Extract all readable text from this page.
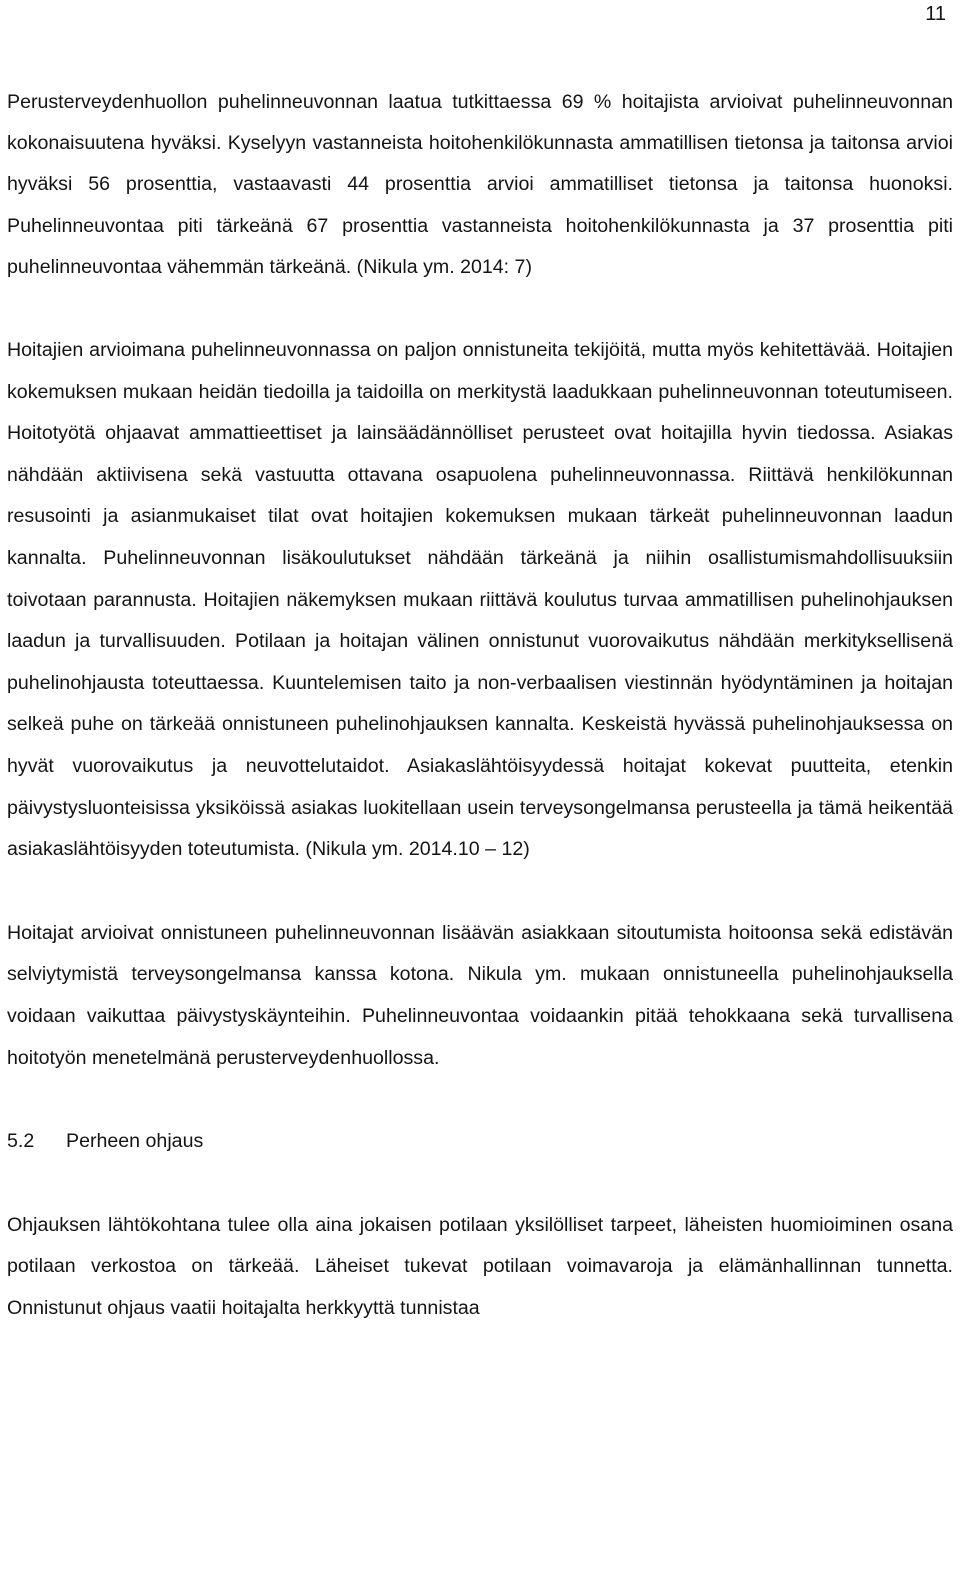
11

Perusterveydenhuollon puhelinneuvonnan laatua tutkittaessa 69 % hoitajista arvioivat puhelinneuvonnan kokonaisuutena hyväksi. Kyselyyn vastanneista hoitohenkilökunnasta ammatillisen tietonsa ja taitonsa arvioi hyväksi 56 prosenttia, vastaavasti 44 prosenttia arvioi ammatilliset tietonsa ja taitonsa huonoksi. Puhelinneuvontaa piti tärkeänä 67 prosenttia vastanneista hoitohenkilökunnasta ja 37 prosenttia piti puhelinneuvontaa vähemmän tärkeänä. (Nikula ym. 2014: 7)

Hoitajien arvioimana puhelinneuvonnassa on paljon onnistuneita tekijöitä, mutta myös kehitettävää. Hoitajien kokemuksen mukaan heidän tiedoilla ja taidoilla on merkitystä laadukkaan puhelinneuvonnan toteutumiseen. Hoitotyötä ohjaavat ammattieettiset ja lainsäädännölliset perusteet ovat hoitajilla hyvin tiedossa. Asiakas nähdään aktiivisena sekä vastuutta ottavana osapuolena puhelinneuvonnassa. Riittävä henkilökunnan resusointi ja asianmukaiset tilat ovat hoitajien kokemuksen mukaan tärkeät puhelinneuvonnan laadun kannalta. Puhelinneuvonnan lisäkoulutukset nähdään tärkeänä ja niihin osallistumismahdollisuuksiin toivotaan parannusta. Hoitajien näkemyksen mukaan riittävä koulutus turvaa ammatillisen puhelinohjauksen laadun ja turvallisuuden. Potilaan ja hoitajan välinen onnistunut vuorovaikutus nähdään merkityksellisenä puhelinohjausta toteuttaessa. Kuuntelemisen taito ja non-verbaalisen viestinnän hyödyntäminen ja hoitajan selkeä puhe on tärkeää onnistuneen puhelinohjauksen kannalta. Keskeistä hyvässä puhelinohjauksessa on hyvät vuorovaikutus ja neuvottelutaidot. Asiakaslähtöisyydessä hoitajat kokevat puutteita, etenkin päivystysluonteisissa yksiköissä asiakas luokitellaan usein terveysongelmansa perusteella ja tämä heikentää asiakaslähtöisyyden toteutumista. (Nikula ym. 2014.10 – 12)

Hoitajat arvioivat onnistuneen puhelinneuvonnan lisäävän asiakkaan sitoutumista hoitoonsa sekä edistävän selviytymistä terveysongelmansa kanssa kotona. Nikula ym. mukaan onnistuneella puhelinohjauksella voidaan vaikuttaa päivystyskäynteihin. Puhelinneuvontaa voidaankin pitää tehokkaana sekä turvallisena hoitotyön menetelmänä perusterveydenhuollossa.

5.2 Perheen ohjaus

Ohjauksen lähtökohtana tulee olla aina jokaisen potilaan yksilölliset tarpeet, läheisten huomioiminen osana potilaan verkostoa on tärkeää. Läheiset tukevat potilaan voimavaroja ja elämänhallinnan tunnetta. Onnistunut ohjaus vaatii hoitajalta herkkyyttä tunnistaa
